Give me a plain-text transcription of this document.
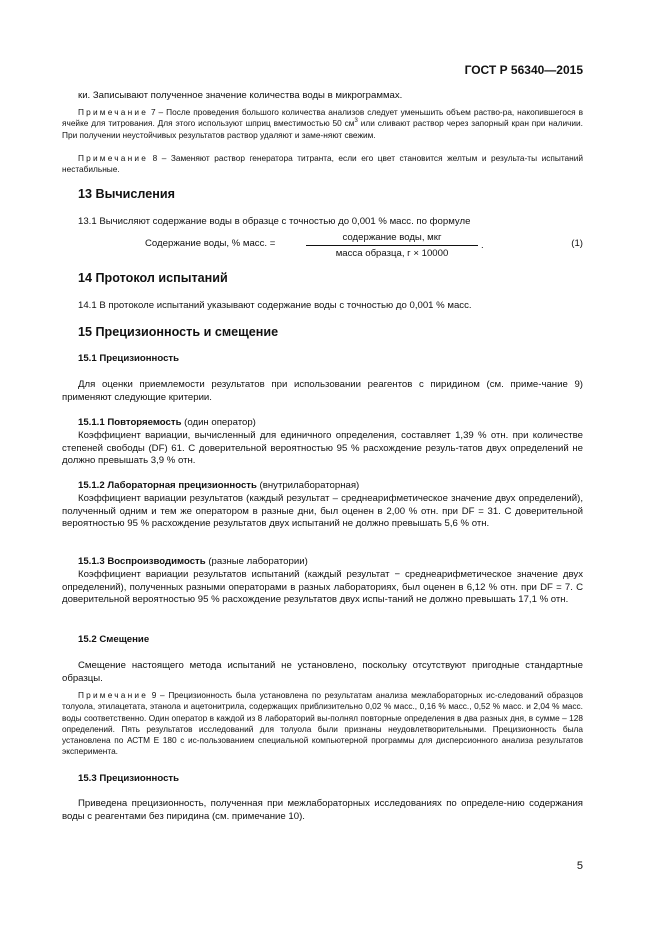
ГОСТ Р 56340—2015
ки. Записывают полученное значение количества воды в микрограммах.
Примечание 7 – После проведения большого количества анализов следует уменьшить объем раство-ра, накопившегося в ячейке для титрования. Для этого используют шприц вместимостью 50 $см^3$ или сливают раствор через запорный кран при наличии. При получении неустойчивых результатов раствор удаляют и заме-няют свежим.
Примечание 8 – Заменяют раствор генератора титранта, если его цвет становится желтым и результа-ты испытаний нестабильные.
13 Вычисления
13.1 Вычисляют содержание воды в образце с точностью до 0,001 % масс. по формуле
Содержание воды, % масс. =
содержание воды, мкг
масса образца, г × 10000
.	(1)
14 Протокол испытаний
14.1 В протоколе испытаний указывают содержание воды с точностью до 0,001 % масс.
15 Прецизионность и смещение
15.1 Прецизионность
Для оценки приемлемости результатов при использовании реагентов с пиридином (см. приме-чание 9) применяют следующие критерии.
15.1.1 Повторяемость (один оператор)
Коэффициент вариации, вычисленный для единичного определения, составляет 1,39 % отн. при количестве степеней свободы (DF) 61. С доверительной вероятностью 95 % расхождение резуль-татов двух определений не должно превышать 3,9 % отн.
15.1.2 Лабораторная прецизионность (внутрилабораторная)
Коэффициент вариации результатов (каждый результат – среднеарифметическое значение двух определений), полученный одним и тем же оператором в разные дни, был оценен в 2,00 % отн. при DF = 31. С доверительной вероятностью 95 % расхождение результатов двух испытаний не должно превышать 5,6 % отн.
15.1.3 Воспроизводимость (разные лаборатории)
Коэффициент вариации результатов испытаний (каждый результат − среднеарифметическое значение двух определений), полученных разными операторами в разных лабораториях, был оценен в 6,12 % отн. при DF = 7. С доверительной вероятностью 95 % расхождение результатов двух испы-таний не должно превышать 17,1 % отн.
15.2 Смещение
Смещение настоящего метода испытаний не установлено, поскольку отсутствуют пригодные стандартные образцы.
Примечание 9 – Прецизионность была установлена по результатам анализа межлабораторных ис-следований образцов толуола, этилацетата, этанола и ацетонитрила, содержащих приблизительно 0,02 % масс., 0,16 % масс., 0,52 % масс. и 2,04 % масс. воды соответственно. Один оператор в каждой из 8 лабораторий вы-полнял повторные определения в два разных дня, в сумме – 128 определений. Пять результатов исследований для толуола были признаны неудовлетворительными. Прецизионность была установлена по АСТМ Е 180 с ис-пользованием специальной компьютерной программы для дисперсионного анализа результатов эксперимента.
15.3 Прецизионность
Приведена прецизионность, полученная при межлабораторных исследованиях по определе-нию содержания воды с реагентами без пиридина (см. примечание 10).
5
